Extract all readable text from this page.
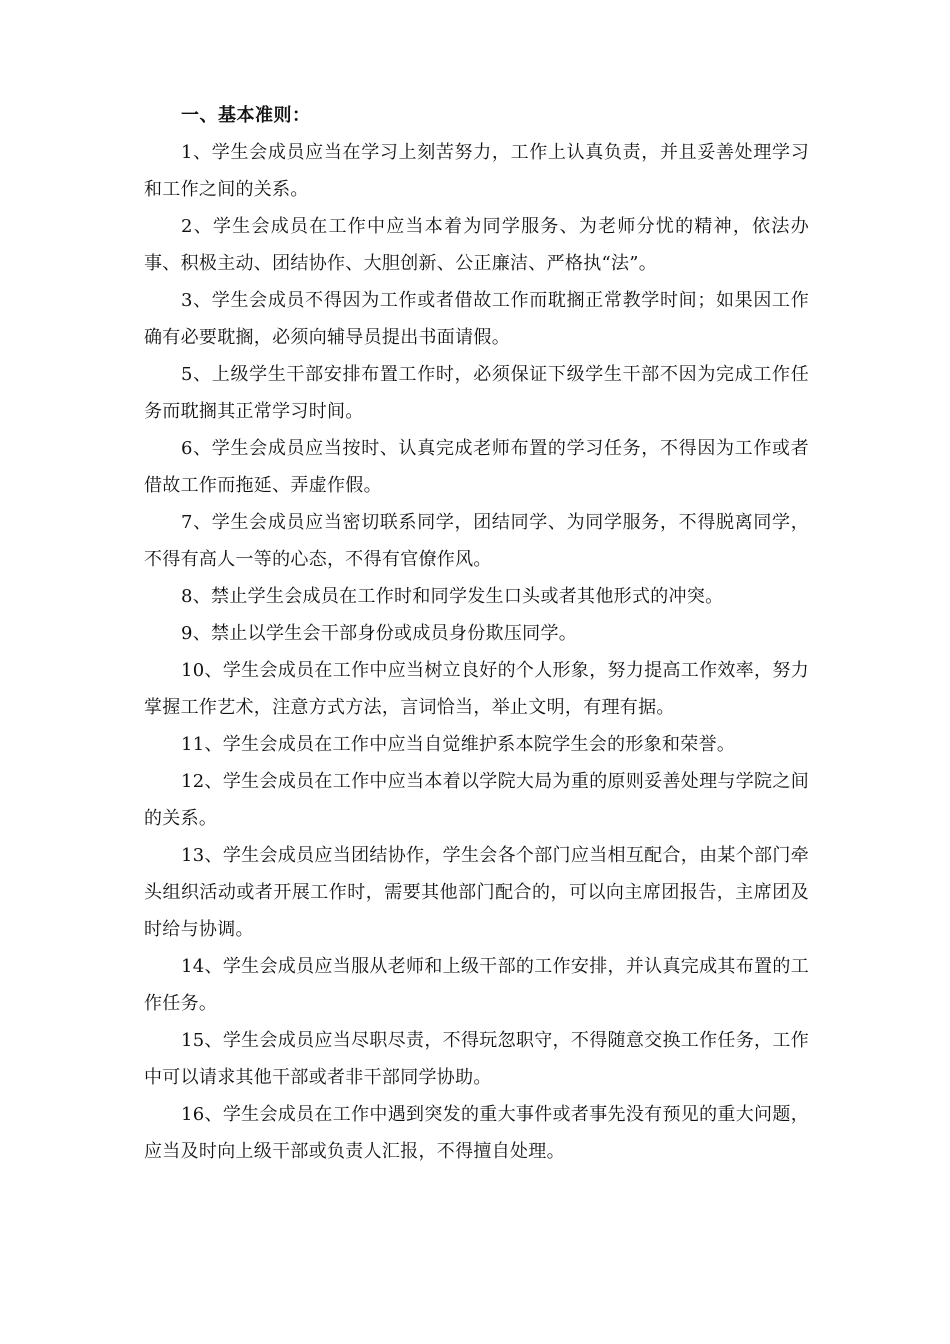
一、基本准则：

1、学生会成员应当在学习上刻苦努力，工作上认真负责，并且妥善处理学习和工作之间的关系。

2、学生会成员在工作中应当本着为同学服务、为老师分忧的精神，依法办事、积极主动、团结协作、大胆创新、公正廉洁、严格执“法”。

3、学生会成员不得因为工作或者借故工作而耽搁正常教学时间；如果因工作确有必要耽搁，必须向辅导员提出书面请假。

5、上级学生干部安排布置工作时，必须保证下级学生干部不因为完成工作任务而耽搁其正常学习时间。

6、学生会成员应当按时、认真完成老师布置的学习任务，不得因为工作或者借故工作而拖延、弄虚作假。

7、学生会成员应当密切联系同学，团结同学、为同学服务，不得脱离同学，不得有高人一等的心态，不得有官僚作风。

8、禁止学生会成员在工作时和同学发生口头或者其他形式的冲突。

9、禁止以学生会干部身份或成员身份欺压同学。

10、学生会成员在工作中应当树立良好的个人形象，努力提高工作效率，努力掌握工作艺术，注意方式方法，言词恰当，举止文明，有理有据。

11、学生会成员在工作中应当自觉维护系本院学生会的形象和荣誉。

12、学生会成员在工作中应当本着以学院大局为重的原则妥善处理与学院之间的关系。

13、学生会成员应当团结协作，学生会各个部门应当相互配合，由某个部门牵头组织活动或者开展工作时，需要其他部门配合的，可以向主席团报告，主席团及时给与协调。

14、学生会成员应当服从老师和上级干部的工作安排，并认真完成其布置的工作任务。

15、学生会成员应当尽职尽责，不得玩忽职守，不得随意交换工作任务，工作中可以请求其他干部或者非干部同学协助。

16、学生会成员在工作中遇到突发的重大事件或者事先没有预见的重大问题，应当及时向上级干部或负责人汇报，不得擅自处理。
